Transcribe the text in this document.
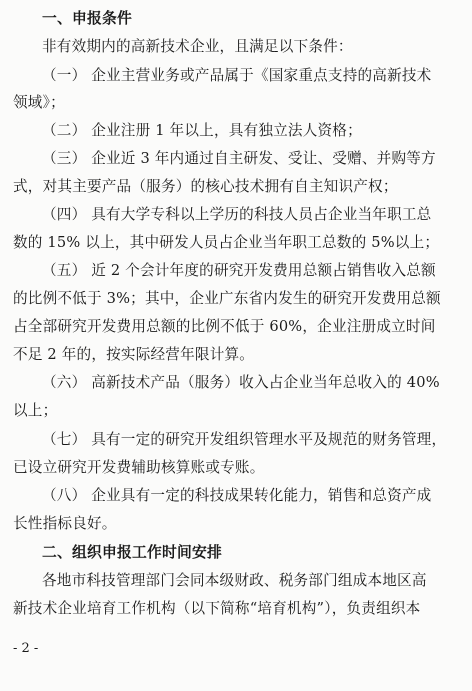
一、申报条件
非有效期内的高新技术企业，且满足以下条件：
（一） 企业主营业务或产品属于《国家重点支持的高新技术
领域》；
（二） 企业注册 1 年以上，具有独立法人资格；
（三） 企业近 3 年内通过自主研发、受让、受赠、并购等方
式，对其主要产品（服务）的核心技术拥有自主知识产权；
（四） 具有大学专科以上学历的科技人员占企业当年职工总
数的 15% 以上，其中研发人员占企业当年职工总数的 5%以上；
（五） 近 2 个会计年度的研究开发费用总额占销售收入总额
的比例不低于 3%；其中，企业广东省内发生的研究开发费用总额
占全部研究开发费用总额的比例不低于 60%，企业注册成立时间
不足 2 年的，按实际经营年限计算。
（六） 高新技术产品（服务）收入占企业当年总收入的 40%
以上；
（七） 具有一定的研究开发组织管理水平及规范的财务管理，
已设立研究开发费辅助核算账或专账。
（八） 企业具有一定的科技成果转化能力，销售和总资产成
长性指标良好。
二、组织申报工作时间安排
各地市科技管理部门会同本级财政、税务部门组成本地区高
新技术企业培育工作机构（以下简称“培育机构”），负责组织本
- 2 -
